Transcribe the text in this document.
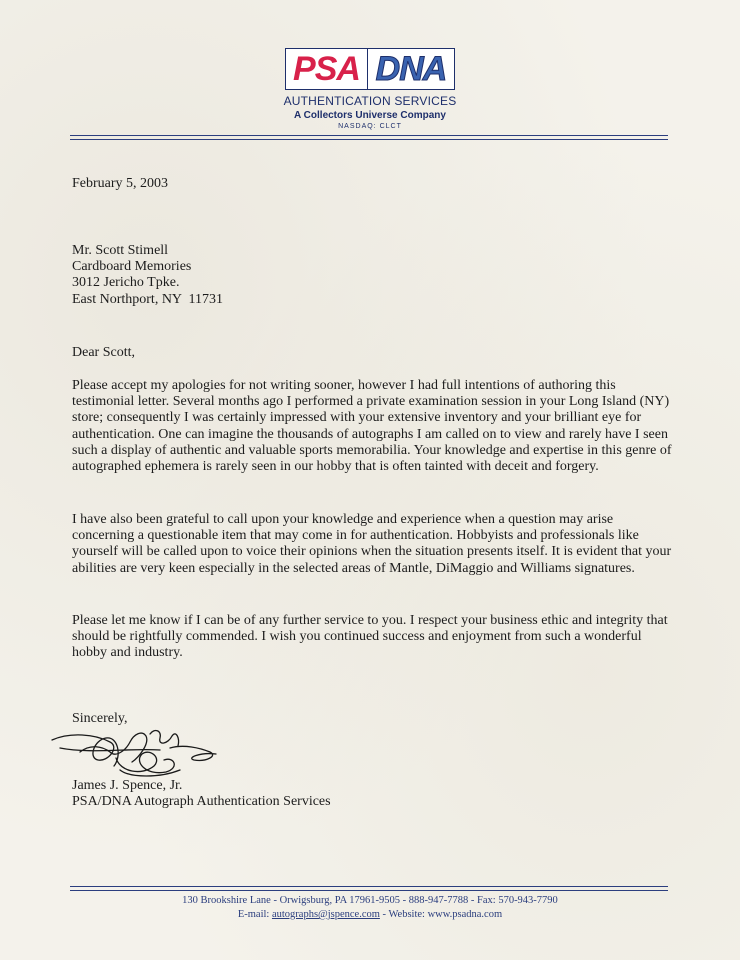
PSA DNA
AUTHENTICATION SERVICES
A Collectors Universe Company
NASDAQ: CLCT
February 5, 2003
Mr. Scott Stimell
Cardboard Memories
3012 Jericho Tpke.
East Northport, NY  11731
Dear Scott,
Please accept my apologies for not writing sooner, however I had full intentions of authoring this testimonial letter. Several months ago I performed a private examination session in your Long Island (NY) store; consequently I was certainly impressed with your extensive inventory and your brilliant eye for authentication. One can imagine the thousands of autographs I am called on to view and rarely have I seen such a display of authentic and valuable sports memorabilia. Your knowledge and expertise in this genre of autographed ephemera is rarely seen in our hobby that is often tainted with deceit and forgery.
I have also been grateful to call upon your knowledge and experience when a question may arise concerning a questionable item that may come in for authentication. Hobbyists and professionals like yourself will be called upon to voice their opinions when the situation presents itself. It is evident that your abilities are very keen especially in the selected areas of Mantle, DiMaggio and Williams signatures.
Please let me know if I can be of any further service to you. I respect your business ethic and integrity that should be rightfully commended. I wish you continued success and enjoyment from such a wonderful hobby and industry.
Sincerely,
James J. Spence, Jr.
PSA/DNA Autograph Authentication Services
130 Brookshire Lane - Orwigsburg, PA 17961-9505 - 888-947-7788 - Fax: 570-943-7790
E-mail: autographs@jspence.com - Website: www.psadna.com
